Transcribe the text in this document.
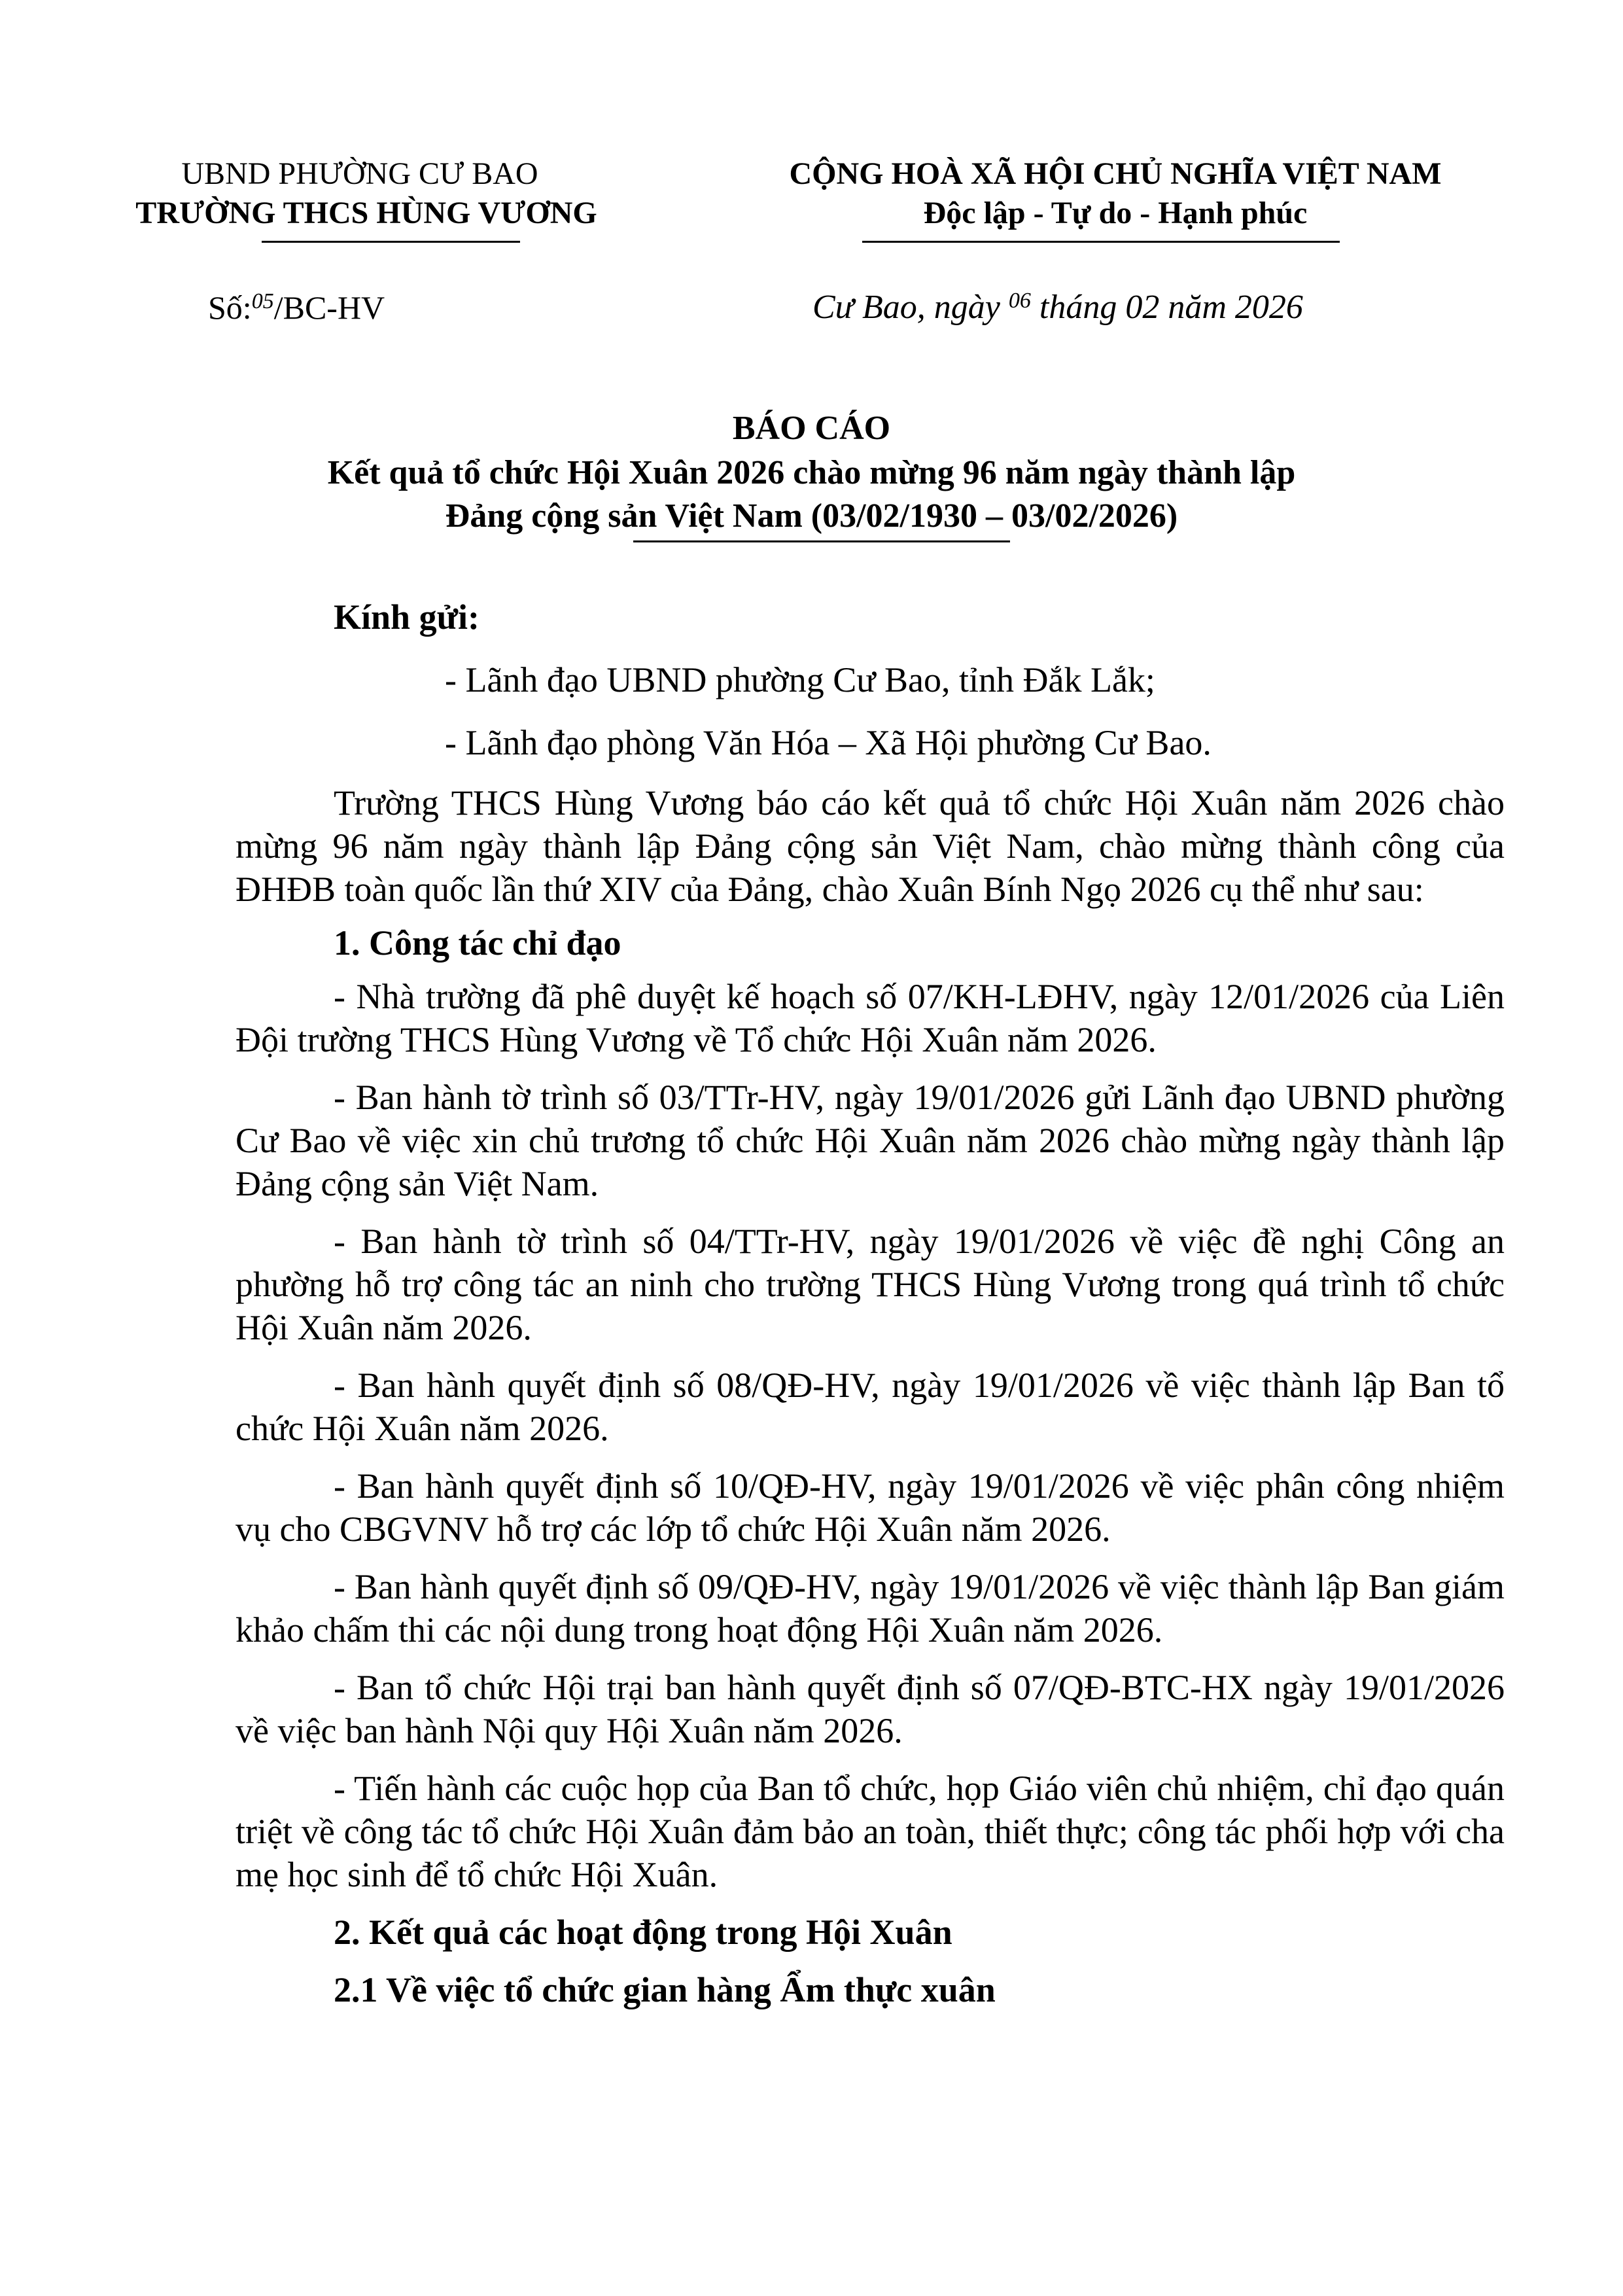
UBND PHƯỜNG CƯ BAO
TRƯỜNG THCS HÙNG VƯƠNG
CỘNG HOÀ XÃ HỘI CHỦ NGHĨA VIỆT NAM
Độc lập - Tự do - Hạnh phúc
Số:$^{05}$/BC-HV	Cư Bao, ngày $^{06}$ tháng 02 năm 2026
BÁO CÁO
Kết quả tổ chức Hội Xuân 2026 chào mừng 96 năm ngày thành lập
Đảng cộng sản Việt Nam (03/02/1930 – 03/02/2026)

Kính gửi:

- Lãnh đạo UBND phường Cư Bao, tỉnh Đắk Lắk;

- Lãnh đạo phòng Văn Hóa – Xã Hội phường Cư Bao.

Trường THCS Hùng Vương báo cáo kết quả tổ chức Hội Xuân năm 2026 chào mừng 96 năm ngày thành lập Đảng cộng sản Việt Nam, chào mừng thành công của ĐHĐB toàn quốc lần thứ XIV của Đảng, chào Xuân Bính Ngọ 2026 cụ thể như sau:

1. Công tác chỉ đạo

- Nhà trường đã phê duyệt kế hoạch số 07/KH-LĐHV, ngày 12/01/2026 của Liên Đội trường THCS Hùng Vương về Tổ chức Hội Xuân năm 2026.

- Ban hành tờ trình số 03/TTr-HV, ngày 19/01/2026 gửi Lãnh đạo UBND phường Cư Bao về việc xin chủ trương tổ chức Hội Xuân năm 2026 chào mừng ngày thành lập Đảng cộng sản Việt Nam.

- Ban hành tờ trình số 04/TTr-HV, ngày 19/01/2026 về việc đề nghị Công an phường hỗ trợ công tác an ninh cho trường THCS Hùng Vương trong quá trình tổ chức Hội Xuân năm 2026.

- Ban hành quyết định số 08/QĐ-HV, ngày 19/01/2026 về việc thành lập Ban tổ chức Hội Xuân năm 2026.

- Ban hành quyết định số 10/QĐ-HV, ngày 19/01/2026 về việc phân công nhiệm vụ cho CBGVNV hỗ trợ các lớp tổ chức Hội Xuân năm 2026.

- Ban hành quyết định số 09/QĐ-HV, ngày 19/01/2026 về việc thành lập Ban giám khảo chấm thi các nội dung trong hoạt động Hội Xuân năm 2026.

- Ban tổ chức Hội trại ban hành quyết định số 07/QĐ-BTC-HX ngày 19/01/2026 về việc ban hành Nội quy Hội Xuân năm 2026.

- Tiến hành các cuộc họp của Ban tổ chức, họp Giáo viên chủ nhiệm, chỉ đạo quán triệt về công tác tổ chức Hội Xuân đảm bảo an toàn, thiết thực; công tác phối hợp với cha mẹ học sinh để tổ chức Hội Xuân.

2. Kết quả các hoạt động trong Hội Xuân

2.1 Về việc tổ chức gian hàng Ẩm thực xuân
